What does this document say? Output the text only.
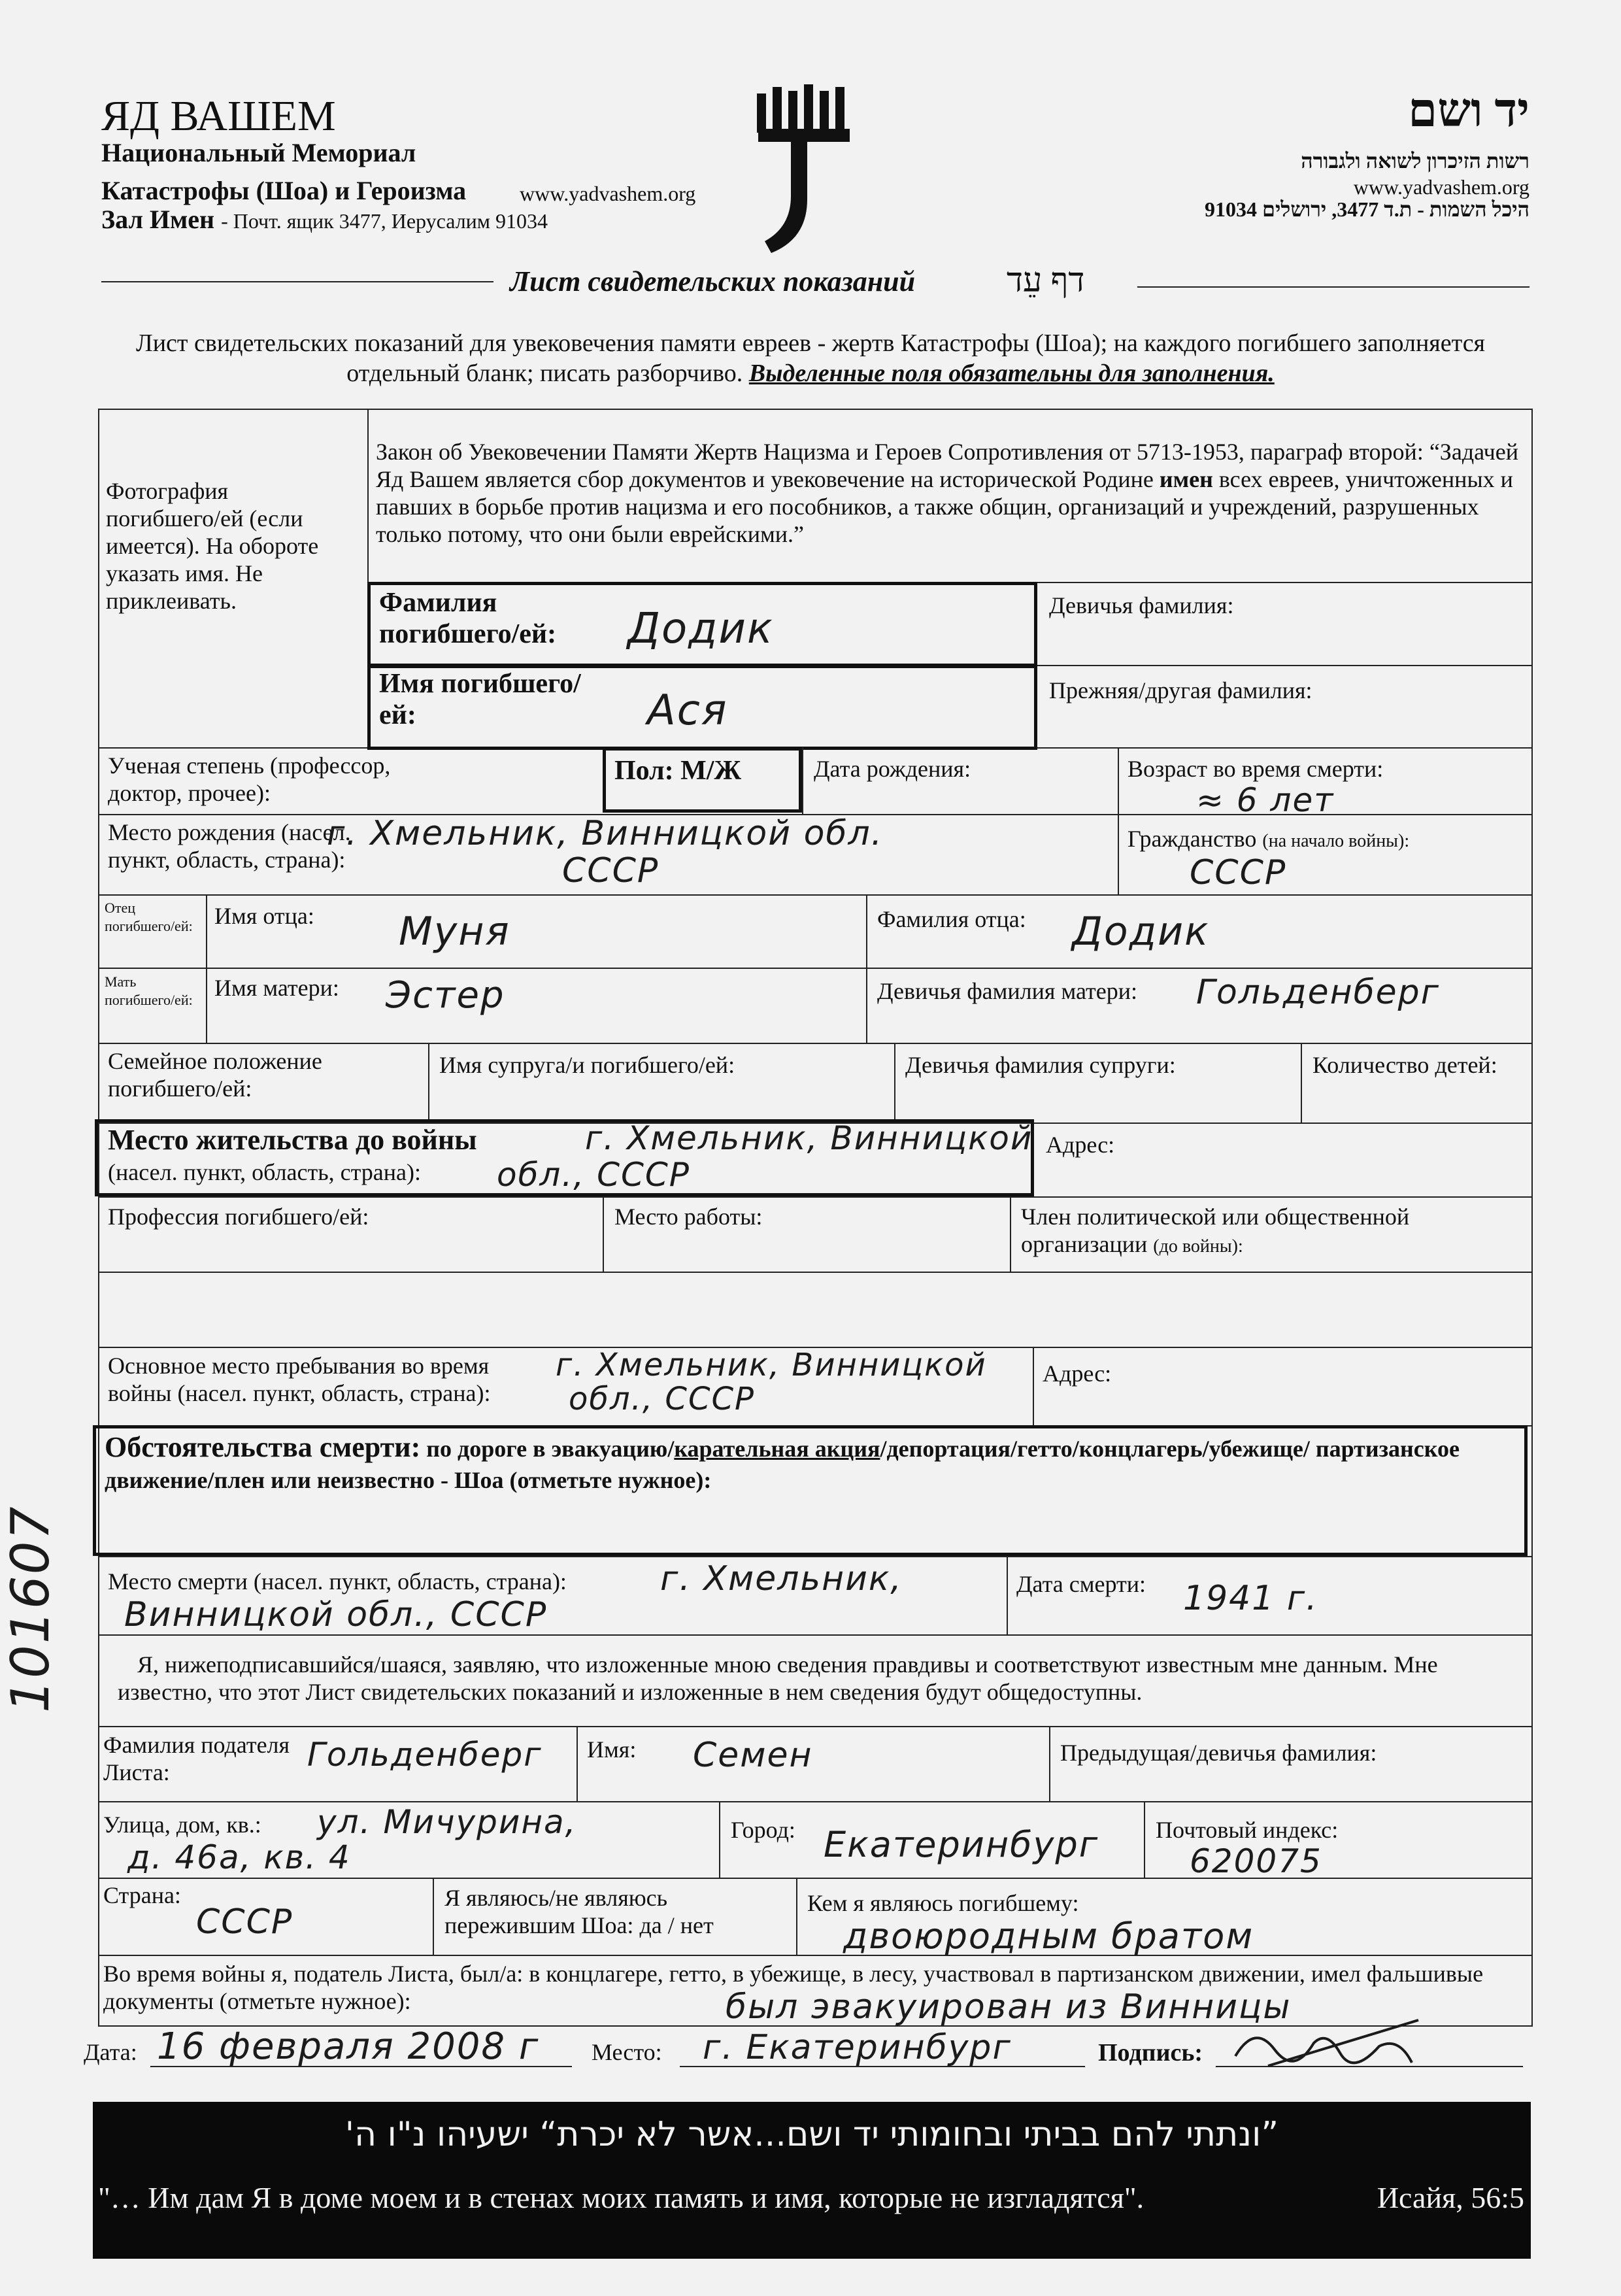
ЯД ВАШЕМ
Национальный Мемориал
Катастрофы (Шоа) и Героизма	www.yadvashem.org
Зал Имен - Почт. ящик 3477, Иерусалим 91034
יד ושם
רשות הזיכרון לשואה ולגבורה
www.yadvashem.org
היכל השמות - ת.ד 3477, ירושלים 91034
Лист свидетельских показаний	דף עֵד
Лист свидетельских показаний для увековечения памяти евреев - жертв Катастрофы (Шоа); на каждого погибшего заполняется отдельный бланк; писать разборчиво. Выделенные поля обязательны для заполнения.
Фотография погибшего/ей (если имеется). На обороте указать имя. Не приклеивать.
Закон об Увековечении Памяти Жертв Нацизма и Героев Сопротивления от 5713-1953, параграф второй: “Задачей Яд Вашем является сбор документов и увековечение на исторической Родине имен всех евреев, уничтоженных и павших в борьбе против нацизма и его пособников, а также общин, организаций и учреждений, разрушенных только потому, что они были еврейскими.”
Фамилия погибшего/ей:	Додик	Девичья фамилия:
Имя погибшего/ей:	Ася	Прежняя/другая фамилия:
Ученая степень (профессор, доктор, прочее):
Пол: М/Ж	Дата рождения:	Возраст во время смерти:
≈ 6 лет
Место рождения (насел. пункт, область, страна):
г. Хмельник, Винницкой обл.
СССР
Гражданство (на начало войны):
СССР
Отец погибшего/ей: Имя отца: Муня	Фамилия отца: Додик
Мать погибшего/ей: Имя матери: Эстер	Девичья фамилия матери: Гольденберг
Семейное положение погибшего/ей:
Имя супруга/и погибшего/ей:	Девичья фамилия супруги:	Количество детей:
Место жительства до войны
(насел. пункт, область, страна):
г. Хмельник, Винницкой
обл., СССР
Адрес:
Профессия погибшего/ей:	Место работы:	Член политической или общественной организации (до войны):
Основное место пребывания во время войны (насел. пункт, область, страна):
г. Хмельник, Винницкой
обл., СССР
Адрес:
Обстоятельства смерти: по дороге в эвакуацию/карательная акция/депортация/гетто/концлагерь/убежище/ партизанское движение/плен или неизвестно - Шоа (отметьте нужное):
Место смерти (насел. пункт, область, страна):	г. Хмельник,
Винницкой обл., СССР
Дата смерти: 1941 г.
Я, нижеподписавшийся/шаяся, заявляю, что изложенные мною сведения правдивы и соответствуют известным мне данным. Мне известно, что этот Лист свидетельских показаний и изложенные в нем сведения будут общедоступны.
Фамилия подателя Листа:	Гольденберг Имя: Семен	Предыдущая/девичья фамилия:
Улица, дом, кв.: ул. Мичурина,
д. 46а, кв. 4
Город: Екатеринбург Почтовый индекс:
620075
Страна:
СССР
Я являюсь/не являюсь пережившим Шоа: да / нет
Кем я являюсь погибшему:
двоюродным братом
Во время войны я, податель Листа, был/а: в концлагере, гетто, в убежище, в лесу, участвовал в партизанском движении, имел фальшивые документы (отметьте нужное):	был эвакуирован из Винницы
Дата: 16 февраля 2008 г Место: г. Екатеринбург	Подпись:
101607
”ונתתי להם בביתי ובחומותי יד ושם...אשר לא יכרת“ ישעיהו נ"ו ה'
"… Им дам Я в доме моем и в стенах моих память и имя, которые не изгладятся".	Исайя, 56:5
